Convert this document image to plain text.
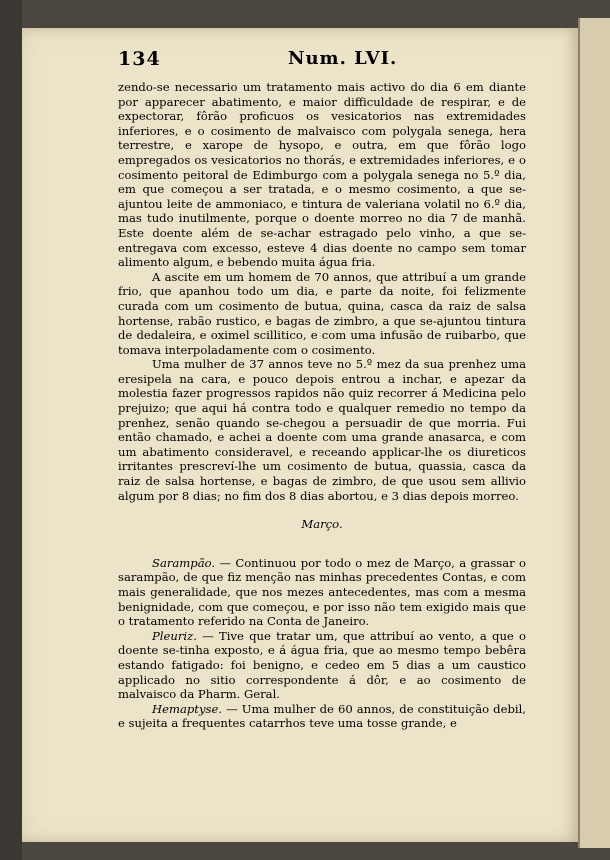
134	Num. LVI.

zendo-se necessario um tratamento mais activo do dia 6 em diante por apparecer abatimento, e maior difficuldade de respirar, e de expectorar, fôrão proficuos os vesicatorios nas extremidades inferiores, e o cosimento de malvaisco com polygala senega, hera terrestre, e xarope de hysopo, e outra, em que fôrão logo empregados os vesicatorios no thorás, e extremidades inferiores, e o cosimento peitoral de Edimburgo com a polygala senega no 5.º dia, em que começou a ser tratada, e o mesmo cosimento, a que se-ajuntou leite de ammoniaco, e tintura de valeriana volatil no 6.º dia, mas tudo inutilmente, porque o doente morreo no dia 7 de manhã. Este doente além de se-achar estragado pelo vinho, a que se-entregava com excesso, esteve 4 dias doente no campo sem tomar alimento algum, e bebendo muita água fria.

A ascite em um homem de 70 annos, que attribuí a um grande frio, que apanhou todo um dia, e parte da noite, foi felizmente curada com um cosimento de butua, quina, casca da raiz de salsa hortense, rabão rustico, e bagas de zimbro, a que se-ajuntou tintura de dedaleira, e oximel scillitico, e com uma infusão de ruibarbo, que tomava interpoladamente com o cosimento.

Uma mulher de 37 annos teve no 5.º mez da sua prenhez uma eresipela na cara, e pouco depois entrou a inchar, e apezar da molestia fazer progressos rapidos não quiz recorrer á Medicina pelo prejuizo; que aqui há contra todo e qualquer remedio no tempo da prenhez, senão quando se-chegou a persuadir de que morria. Fui então chamado, e achei a doente com uma grande anasarca, e com um abatimento consideravel, e receando applicar-lhe os diureticos irritantes prescreví-lhe um cosimento de butua, quassia, casca da raiz de salsa hortense, e bagas de zimbro, de que usou sem allivio algum por 8 dias; no fim dos 8 dias abortou, e 3 dias depois morreo.

Março.

Sarampão. — Continuou por todo o mez de Março, a grassar o sarampão, de que fiz menção nas minhas precedentes Contas, e com mais generalidade, que nos mezes antecedentes, mas com a mesma benignidade, com que começou, e por isso não tem exigido mais que o tratamento referido na Conta de Janeiro.

Pleuriz. — Tive que tratar um, que attribuí ao vento, a que o doente se-tinha exposto, e á água fria, que ao mesmo tempo bebêra estando fatigado: foi benigno, e cedeo em 5 dias a um caustico applicado no sitio correspondente á dôr, e ao cosimento de malvaisco da Pharm. Geral.

Hemaptyse. — Uma mulher de 60 annos, de constituição debil, e sujeita a frequentes catarrhos teve uma tosse grande, e
